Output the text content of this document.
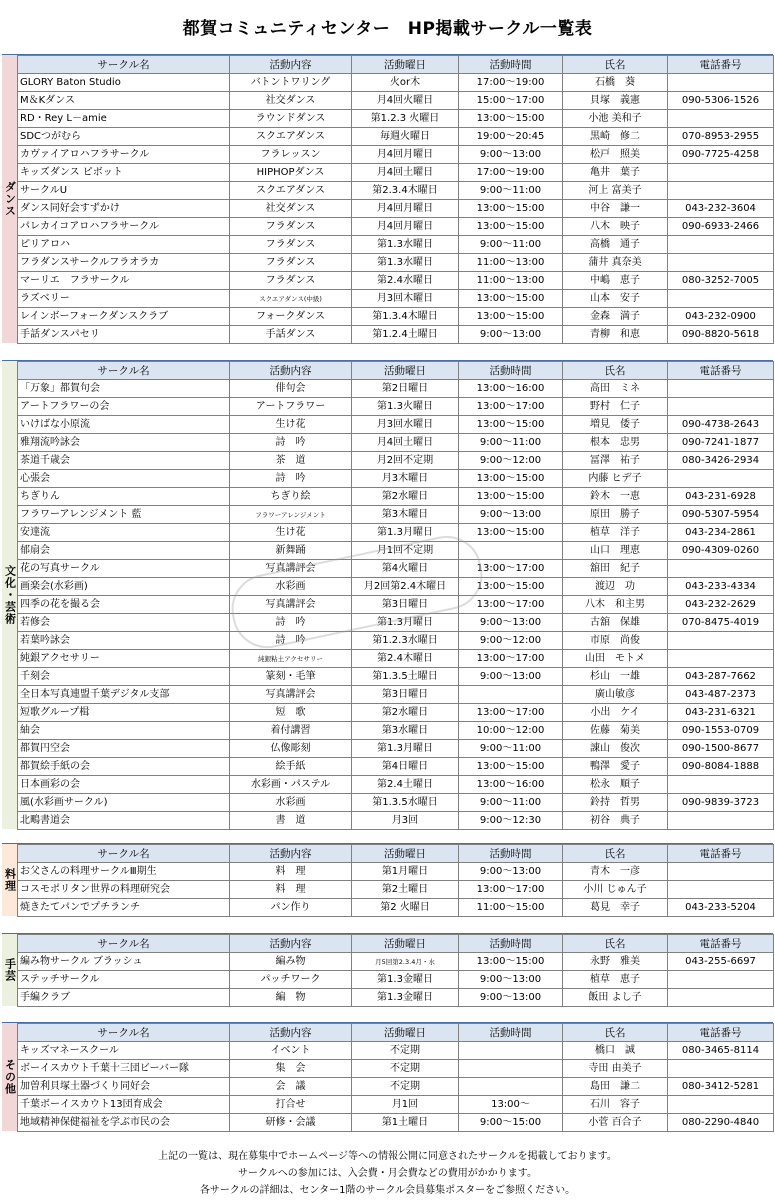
都賀コミュニティセンター　HP掲載サークル一覧表
ダンス
サークル名	活動内容	活動曜日	活動時間	氏名	電話番号
GLORY Baton Studio	バトントワリング	火or木	17:00～19:00	石橋　葵	
M＆Kダンス	社交ダンス	月4回火曜日	15:00～17:00	貝塚　義憲	090-5306-1526
RD・Rey L－amie	ラウンドダンス	第1.2.3 火曜日	13:00～15:00	小池 美和子	
SDCつがむら	スクエアダンス	毎週火曜日	19:00～20:45	黒崎　修二	070-8953-2955
カヴァイアロハフラサークル	フラレッスン	月4回月曜日	9:00～13:00	松戸　照美	090-7725-4258
キッズダンス ピボット	HIPHOPダンス	月4回土曜日	17:00～19:00	亀井　葉子	
サークルU	スクエアダンス	第2.3.4木曜日	9:00～11:00	河上 富美子	
ダンス同好会すずかけ	社交ダンス	月4回月曜日	13:00～15:00	中谷　謙一	043-232-3604
パレカイコアロハフラサークル	フラダンス	月4回月曜日	13:00～15:00	八木　映子	090-6933-2466
ピリアロハ	フラダンス	第1.3水曜日	9:00～11:00	高橋　通子	
フラダンスサークルフラオラカ	フラダンス	第1.3水曜日	11:00～13:00	蒲井 真奈美	
マーリエ　フラサークル	フラダンス	第2.4水曜日	11:00～13:00	中嶋　恵子	080-3252-7005
ラズベリー	スクエアダンス(中級)	月3回木曜日	13:00～15:00	山本　安子	
レインボーフォークダンスクラブ	フォークダンス	第1.3.4木曜日	13:00～15:00	金森　満子	043-232-0900
手話ダンスパセリ	手話ダンス	第1.2.4土曜日	9:00～13:00	青柳　和恵	090-8820-5618
文化・芸術
サークル名	活動内容	活動曜日	活動時間	氏名	電話番号
「万象」都賀句会	俳句会	第2日曜日	13:00～16:00	高田　ミネ	
アートフラワーの会	アートフラワー	第1.3火曜日	13:00～17:00	野村　仁子	
いけばな小原流	生け花	月3回水曜日	13:00～15:00	増見　倭子	090-4738-2643
雅翔流吟詠会	詩　吟	月4回土曜日	9:00～11:00	根本　忠男	090-7241-1877
茶道千歳会	茶　道	月2回不定期	9:00～12:00	冨澤　祐子	080-3426-2934
心張会	詩　吟	月3木曜日	13:00～15:00	内藤 ヒデ子	
ちぎりん	ちぎり絵	第2水曜日	13:00～15:00	鈴木　一恵	043-231-6928
フラワーアレンジメント 藍	フラワーアレンジメント	第3木曜日	9:00～13:00	原田　勝子	090-5307-5954
安達流	生け花	第1.3月曜日	13:00～15:00	植草　洋子	043-234-2861
郁扇会	新舞踊	月1回不定期		山口　理恵	090-4309-0260
花の写真サークル	写真講評会	第4火曜日	13:00～17:00	舘田　紀子	
画楽会(水彩画)	水彩画	月2回第2.4木曜日	13:00～15:00	渡辺　功	043-233-4334
四季の花を撮る会	写真講評会	第3日曜日	13:00～17:00	八木　和主男	043-232-2629
若修会	詩　吟	第1.3月曜日	9:00～13:00	古舘　保雄	070-8475-4019
若葉吟詠会	詩　吟	第1.2.3水曜日	9:00～12:00	市原　尚俊	
純銀アクセサリー	純銀粘土アクセサリー	第2.4木曜日	13:00～17:00	山田　モトメ	
千刻会	篆刻・毛筆	第1.3.5土曜日	9:00～13:00	杉山　一雄	043-287-7662
全日本写真連盟千葉デジタル支部	写真講評会	第3日曜日		廣山敏彦	043-487-2373
短歌グループ楫	短　歌	第2水曜日	13:00～17:00	小出　ケイ	043-231-6321
紬会	着付講習	第3水曜日	10:00～12:00	佐藤　菊美	090-1553-0709
都賀円空会	仏像彫刻	第1.3月曜日	9:00～11:00	諌山　俊次	090-1500-8677
都賀絵手紙の会	絵手紙	第4日曜日	13:00～15:00	鴨澤　愛子	090-8084-1888
日本画彩の会	水彩画・パステル	第2.4土曜日	13:00～16:00	松永　順子	
風(水彩画サークル)	水彩画	第1.3.5水曜日	9:00～11:00	鈴持　哲男	090-9839-3723
北鴫書道会	書　道	月3回	9:00～12:30	初谷　典子	
料理
サークル名	活動内容	活動曜日	活動時間	氏名	電話番号
お父さんの料理サークルⅢ期生	料　理	第1月曜日	9:00～13:00	青木　一彦	
コスモポリタン世界の料理研究会	料　理	第2土曜日	13:00～17:00	小川 じゅん子	
焼きたてパンでプチランチ	パン作り	第2 火曜日	11:00～15:00	葛見　幸子	043-233-5204
手芸
サークル名	活動内容	活動曜日	活動時間	氏名	電話番号
編み物サークル ブラッシュ	編み物	月5回第2.3.4月・水	13:00～15:00	永野　雅美	043-255-6697
ステッチサークル	パッチワーク	第1.3金曜日	9:00～13:00	植草　恵子	
手編クラブ	編　物	第1.3金曜日	9:00～13:00	飯田 よし子	
その他
サークル名	活動内容	活動曜日	活動時間	氏名	電話番号
キッズマネースクール	イベント	不定期		橋口　誠	080-3465-8114
ボーイスカウト千葉十三団ビーバー隊	集　会	不定期		寺田 由美子	
加曽利貝塚土器づくり同好会	会　議	不定期		島田　謙二	080-3412-5281
千葉ボーイスカウト13団育成会	打合せ	月1回	13:00～	石川　容子	
地域精神保健福祉を学ぶ市民の会	研修・会議	第1土曜日	9:00～15:00	小菅 百合子	080-2290-4840
上記の一覧は、現在募集中でホームページ等への情報公開に同意されたサークルを掲載しております。
サークルへの参加には、入会費・月会費などの費用がかかります。
各サークルの詳細は、センター1階のサークル会員募集ポスターをご参照ください。
